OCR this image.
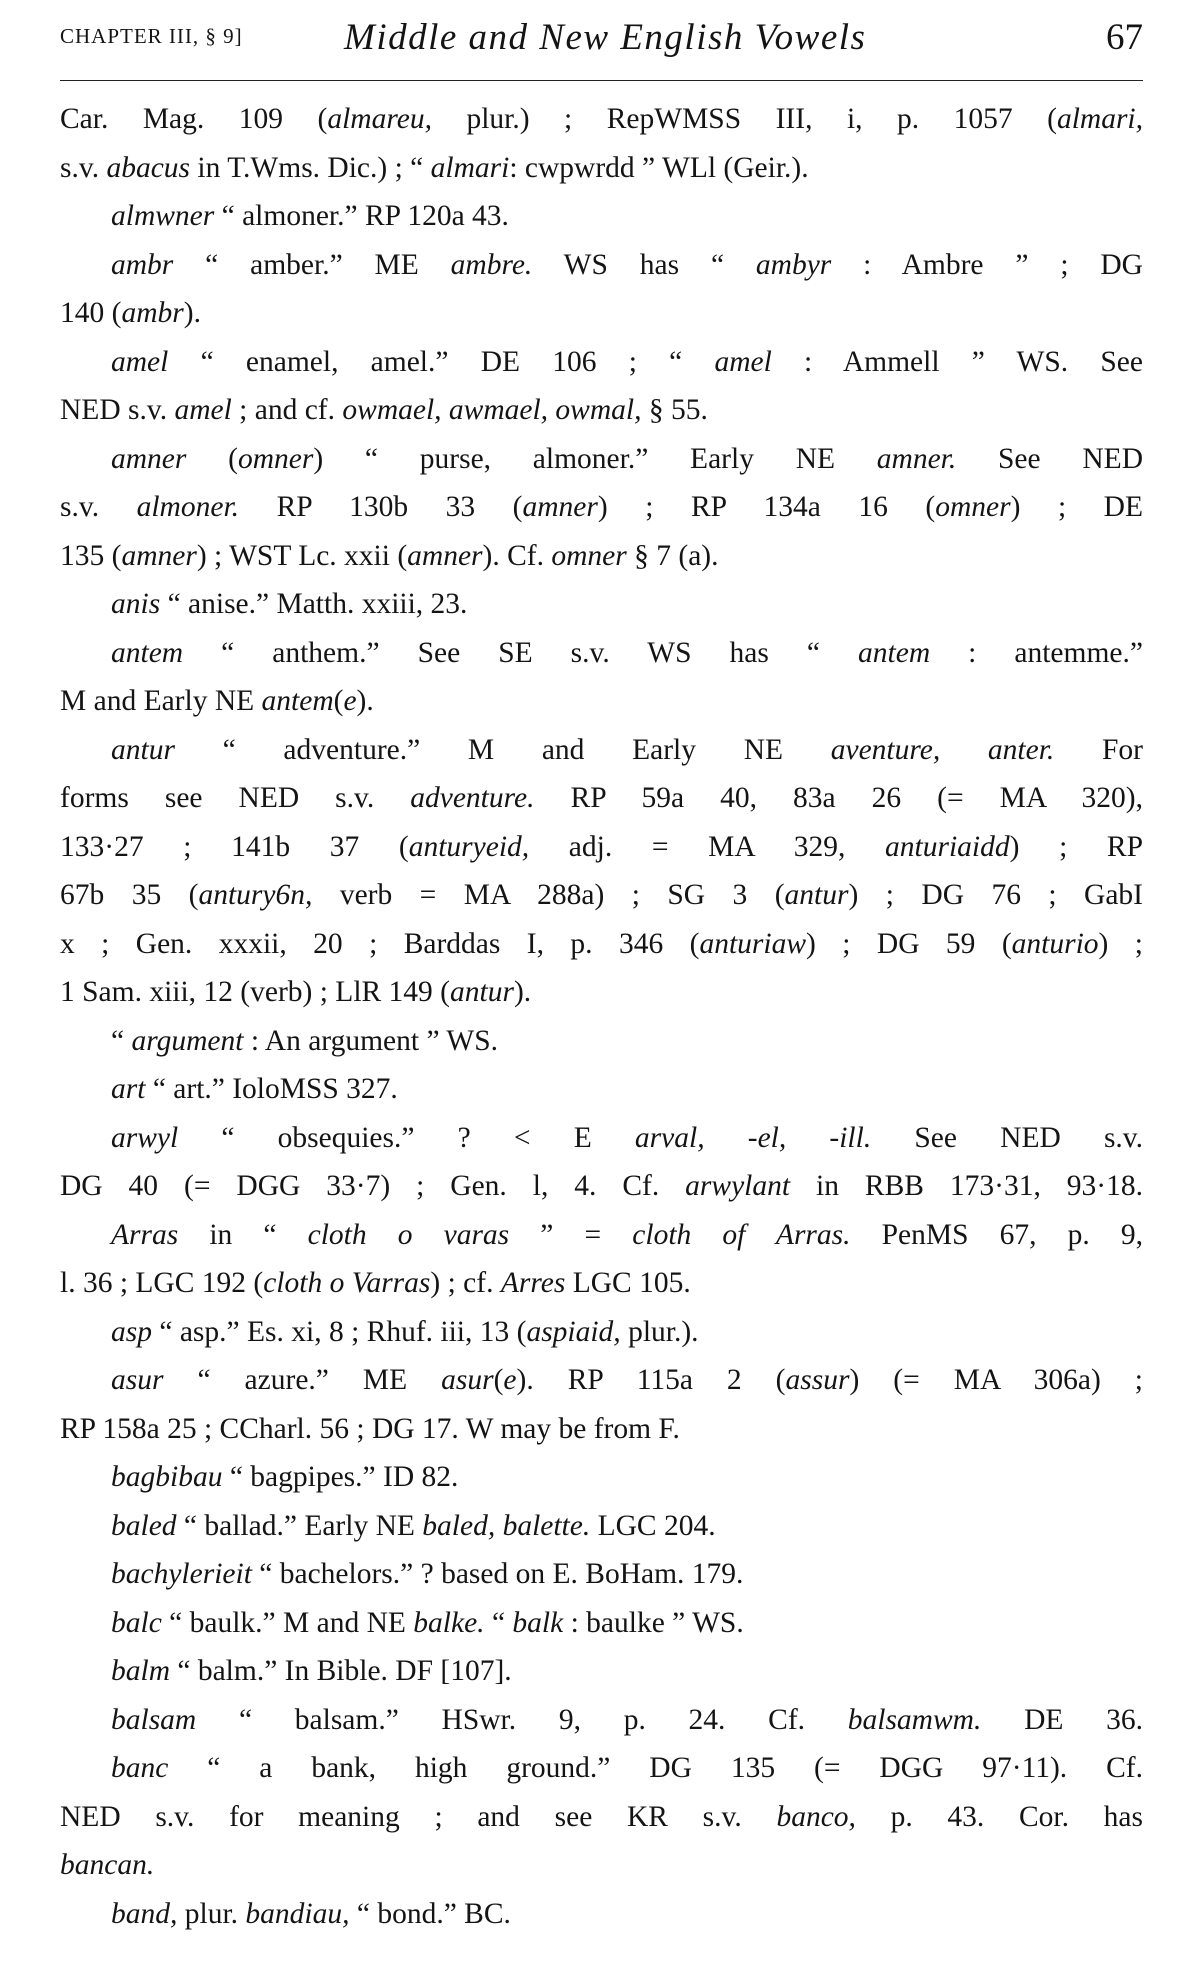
CHAPTER III, § 9]	Middle and New English Vowels	67
Car. Mag. 109 (almareu, plur.) ; RepWMSS III, i, p. 1057 (almari,
s.v. abacus in T.Wms. Dic.) ; “ almari: cwpwrdd ” WLl (Geir.).
almwner “ almoner.” RP 120a 43.
ambr “ amber.” ME ambre. WS has “ ambyr : Ambre ” ; DG
140 (ambr).
amel “ enamel, amel.” DE 106 ; “ amel : Ammell ” WS. See
NED s.v. amel ; and cf. owmael, awmael, owmal, § 55.
amner (omner) “ purse, almoner.” Early NE amner. See NED
s.v. almoner. RP 130b 33 (amner) ; RP 134a 16 (omner) ; DE
135 (amner) ; WST Lc. xxii (amner). Cf. omner § 7 (a).
anis “ anise.” Matth. xxiii, 23.
antem “ anthem.” See SE s.v. WS has “ antem : antemme.”
M and Early NE antem(e).
antur “ adventure.” M and Early NE aventure, anter. For
forms see NED s.v. adventure. RP 59a 40, 83a 26 (= MA 320),
133·27 ; 141b 37 (anturyeid, adj. = MA 329, anturiaidd) ; RP
67b 35 (antury6n, verb = MA 288a) ; SG 3 (antur) ; DG 76 ; GabI
x ; Gen. xxxii, 20 ; Barddas I, p. 346 (anturiaw) ; DG 59 (anturio) ;
1 Sam. xiii, 12 (verb) ; LlR 149 (antur).
“ argument : An argument ” WS.
art “ art.” IoloMSS 327.
arwyl “ obsequies.” ? < E arval, -el, -ill. See NED s.v.
DG 40 (= DGG 33·7) ; Gen. l, 4. Cf. arwylant in RBB 173·31, 93·18.
Arras in “ cloth o varas ” = cloth of Arras. PenMS 67, p. 9,
l. 36 ; LGC 192 (cloth o Varras) ; cf. Arres LGC 105.
asp “ asp.” Es. xi, 8 ; Rhuf. iii, 13 (aspiaid, plur.).
asur “ azure.” ME asur(e). RP 115a 2 (assur) (= MA 306a) ;
RP 158a 25 ; CCharl. 56 ; DG 17. W may be from F.
bagbibau “ bagpipes.” ID 82.
baled “ ballad.” Early NE baled, balette. LGC 204.
bachylerieit “ bachelors.” ? based on E. BoHam. 179.
balc “ baulk.” M and NE balke. “ balk : baulke ” WS.
balm “ balm.” In Bible. DF [107].
balsam “ balsam.” HSwr. 9, p. 24. Cf. balsamwm. DE 36.
banc “ a bank, high ground.” DG 135 (= DGG 97·11). Cf.
NED s.v. for meaning ; and see KR s.v. banco, p. 43. Cor. has
bancan.
band, plur. bandiau, “ bond.” BC.
